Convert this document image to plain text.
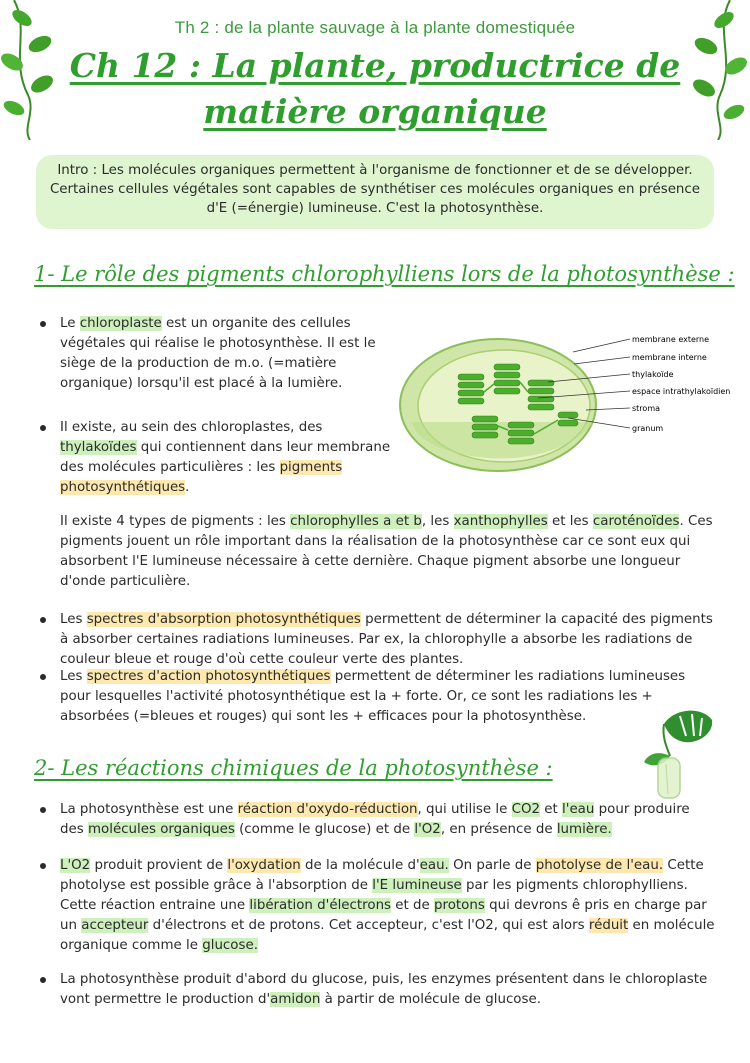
Th 2 : de la plante sauvage à la plante domestiquée
Ch 12 : La plante, productrice de
matière organique

Intro : Les molécules organiques permettent à l'organisme de fonctionner et de se développer.

Certaines cellules végétales sont capables de synthétiser ces molécules organiques en présence

d'E (=énergie) lumineuse. C'est la photosynthèse.

1- Le rôle des pigments chlorophylliens lors de la photosynthèse :
Le chloroplaste est un organite des cellules végétales qui réalise le photosynthèse. Il est le siège de la production de m.o. (=matière organique) lorsqu'il est placé à la lumière.
Il existe, au sein des chloroplastes, des thylakoïdes qui contiennent dans leur membrane des molécules particulières : les pigments photosynthétiques.
membrane externe
membrane interne
thylakoïde
espace intrathylakoïdien
stroma
granum
Il existe 4 types de pigments : les chlorophylles a et b, les xanthophylles et les caroténoïdes. Ces pigments jouent un rôle important dans la réalisation de la photosynthèse car ce sont eux qui absorbent l'E lumineuse nécessaire à cette dernière. Chaque pigment absorbe une longueur d'onde particulière.
Les spectres d'absorption photosynthétiques permettent de déterminer la capacité des pigments à absorber certaines radiations lumineuses. Par ex, la chlorophylle a absorbe les radiations de couleur bleue et rouge d'où cette couleur verte des plantes.
Les spectres d'action photosynthétiques permettent de déterminer les radiations lumineuses pour lesquelles l'activité photosynthétique est la + forte. Or, ce sont les radiations les + absorbées (=bleues et rouges) qui sont les + efficaces pour la photosynthèse.
2- Les réactions chimiques de la photosynthèse :
La photosynthèse est une réaction d'oxydo-réduction, qui utilise le CO2 et l'eau pour produire des molécules organiques (comme le glucose) et de l'O2, en présence de lumière.
L'O2 produit provient de l'oxydation de la molécule d'eau. On parle de photolyse de l'eau. Cette photolyse est possible grâce à l'absorption de l'E lumineuse par les pigments chlorophylliens. Cette réaction entraine une libération d'électrons et de protons qui devrons ê pris en charge par un accepteur d'électrons et de protons. Cet accepteur, c'est l'O2, qui est alors réduit en molécule organique comme le glucose.
La photosynthèse produit d'abord du glucose, puis, les enzymes présentent dans le chloroplaste vont permettre le production d'amidon à partir de molécule de glucose.
